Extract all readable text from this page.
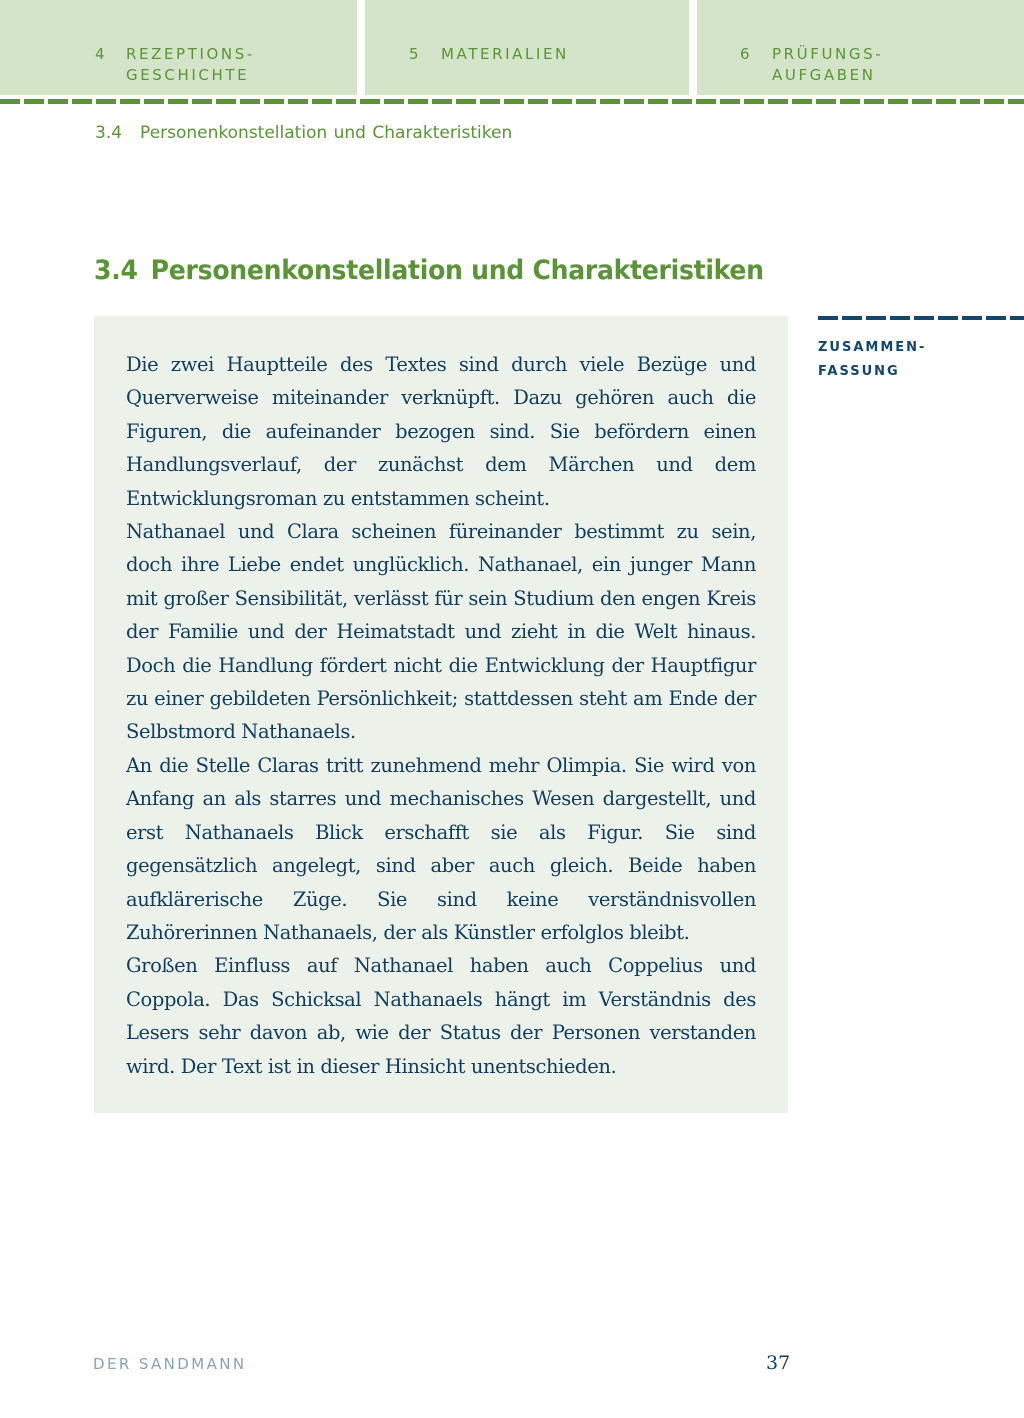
4 REZEPTIONS-
GESCHICHTE
5 MATERIALIEN	6 PRÜFUNGS-
AUFGABEN
3.4 Personenkonstellation und Charakteristiken
3.4 Personenkonstellation und Charakteristiken

Die zwei Hauptteile des Textes sind durch viele Bezüge und Querverweise miteinander verknüpft. Dazu gehören auch die Figuren, die aufeinander bezogen sind. Sie befördern einen Handlungsverlauf, der zunächst dem Märchen und dem Entwicklungsroman zu entstammen scheint.

Nathanael und Clara scheinen füreinander bestimmt zu sein, doch ihre Liebe endet unglücklich. Nathanael, ein junger Mann mit großer Sensibilität, verlässt für sein Studium den engen Kreis der Familie und der Heimatstadt und zieht in die Welt hinaus. Doch die Handlung fördert nicht die Entwicklung der Hauptfigur zu einer gebildeten Persönlichkeit; stattdessen steht am Ende der Selbstmord Nathanaels.

An die Stelle Claras tritt zunehmend mehr Olimpia. Sie wird von Anfang an als starres und mechanisches Wesen dargestellt, und erst Nathanaels Blick erschafft sie als Figur. Sie sind gegensätzlich angelegt, sind aber auch gleich. Beide haben aufklärerische Züge. Sie sind keine verständnisvollen Zuhörerinnen Nathanaels, der als Künstler erfolglos bleibt.

Großen Einfluss auf Nathanael haben auch Coppelius und Coppola. Das Schicksal Nathanaels hängt im Verständnis des Lesers sehr davon ab, wie der Status der Personen verstanden wird. Der Text ist in dieser Hinsicht unentschieden.

ZUSAMMEN-
FASSUNG
DER SANDMANN	37
